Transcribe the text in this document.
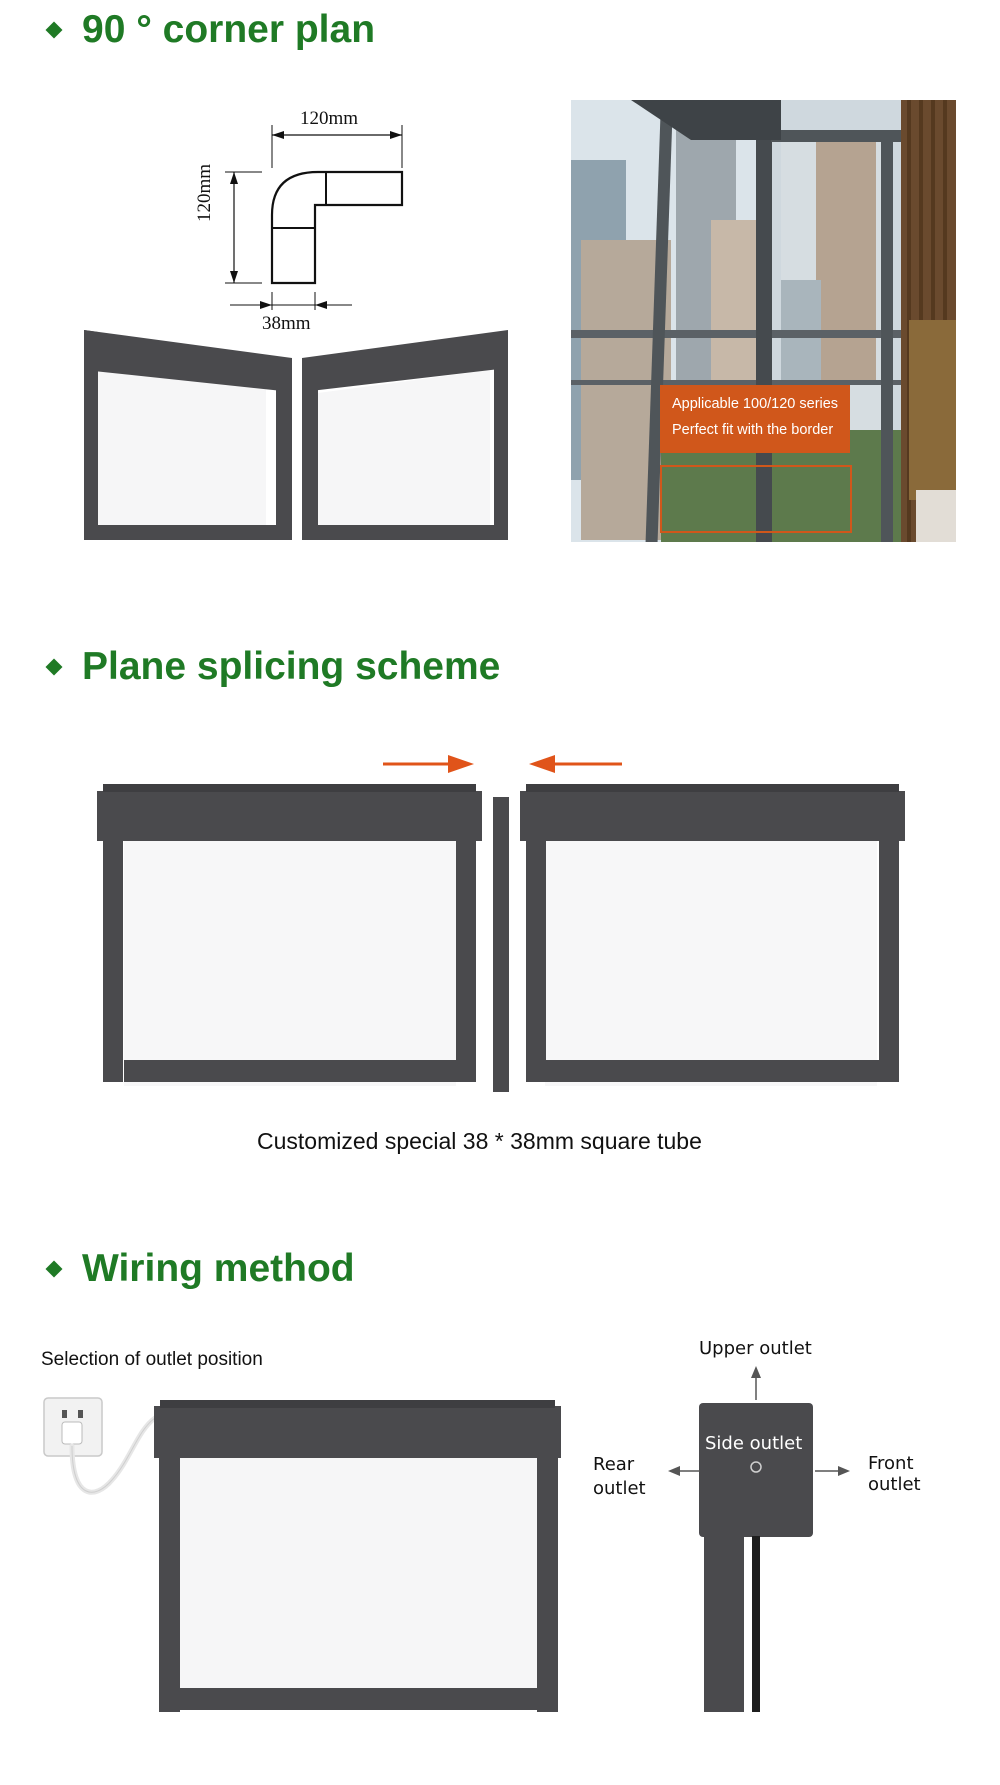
90 ° corner plan
120mm
120mm
38mm
Applicable 100/120 series
Perfect fit with the border
Plane splicing scheme
Customized special 38 * 38mm square tube
Wiring method
Selection of outlet position
Upper outlet
Side outlet
Rear
outlet
Front
outlet
